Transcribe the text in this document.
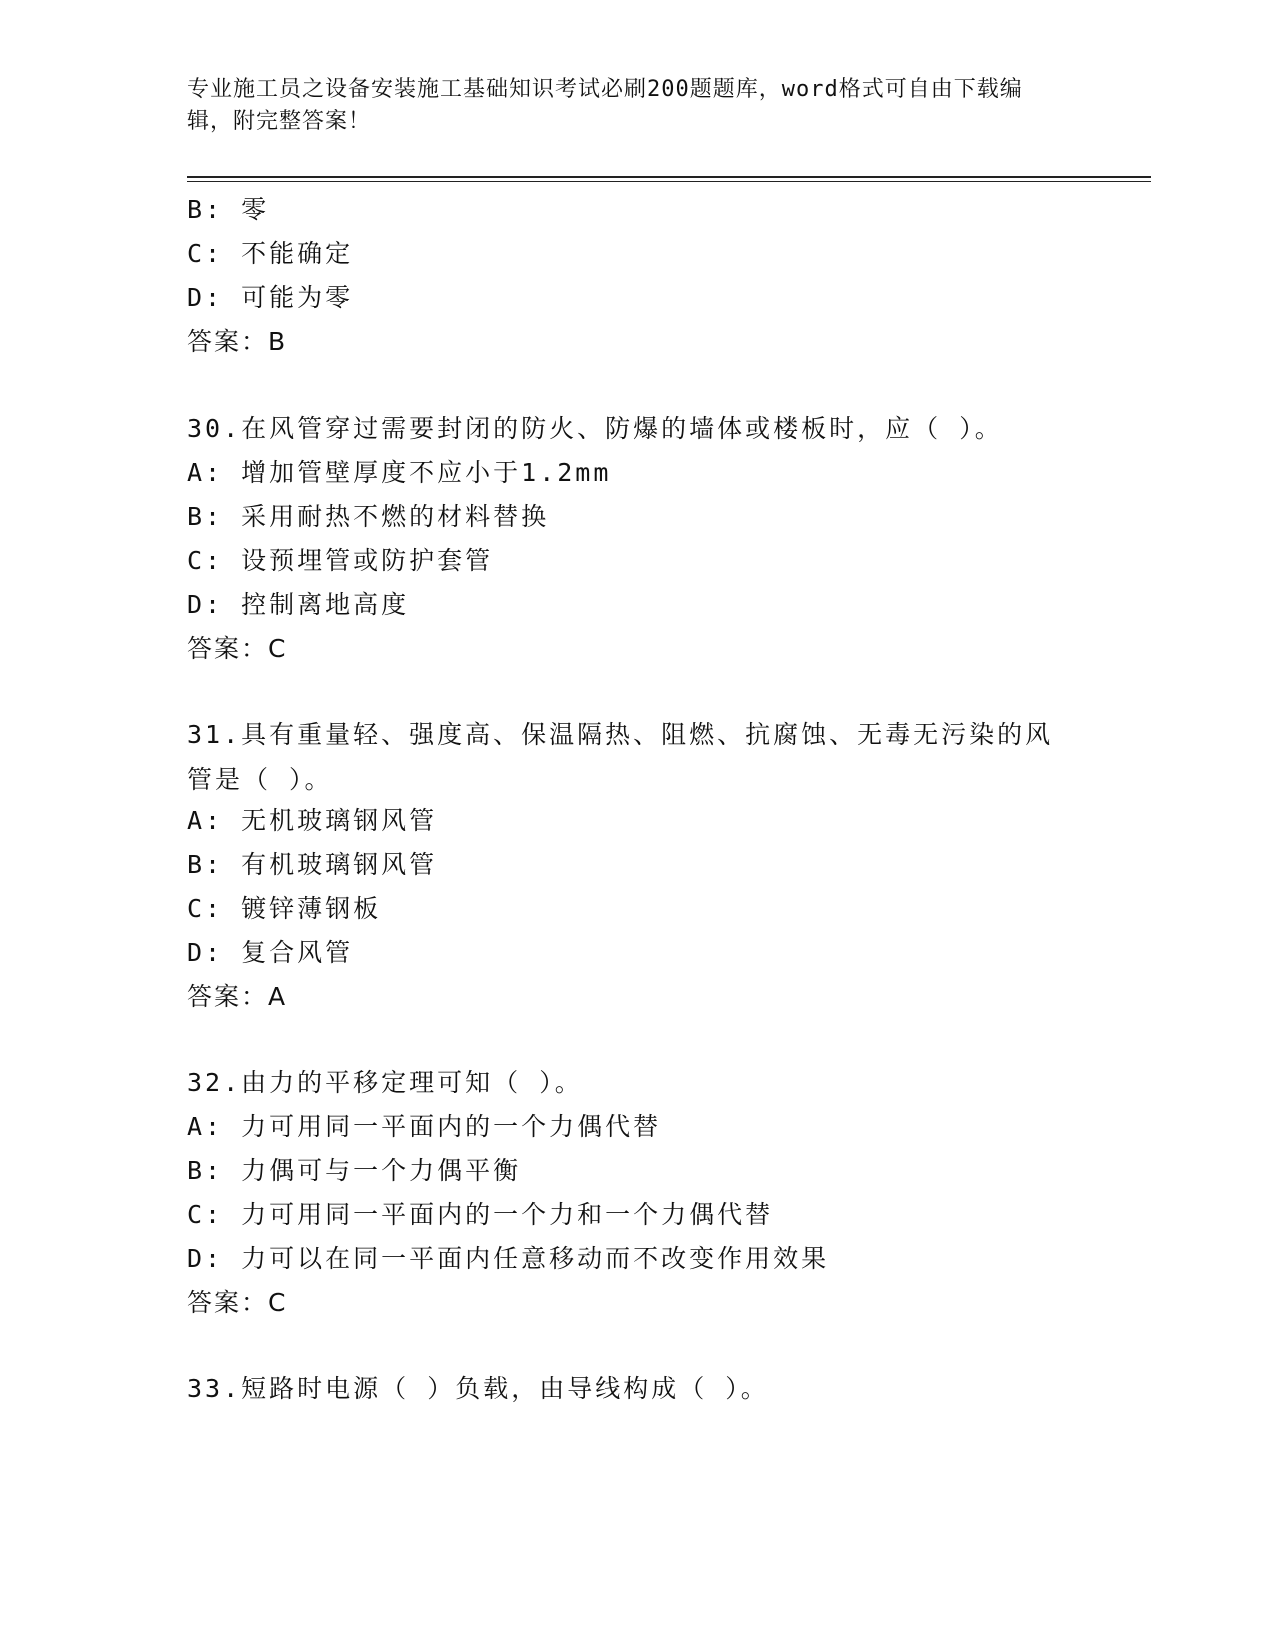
专业施工员之设备安装施工基础知识考试必刷200题题库，word格式可自由下载编辑，附完整答案！
B: 零
C: 不能确定
D: 可能为零
答案：B
30.在风管穿过需要封闭的防火、防爆的墙体或楼板时，应（ ）。
A: 增加管壁厚度不应小于1.2mm
B: 采用耐热不燃的材料替换
C: 设预埋管或防护套管
D: 控制离地高度
答案：C
31.具有重量轻、强度高、保温隔热、阻燃、抗腐蚀、无毒无污染的风管是（ ）。
A: 无机玻璃钢风管
B: 有机玻璃钢风管
C: 镀锌薄钢板
D: 复合风管
答案：A
32.由力的平移定理可知（ ）。
A: 力可用同一平面内的一个力偶代替
B: 力偶可与一个力偶平衡
C: 力可用同一平面内的一个力和一个力偶代替
D: 力可以在同一平面内任意移动而不改变作用效果
答案：C
33.短路时电源（ ）负载，由导线构成（ ）。
